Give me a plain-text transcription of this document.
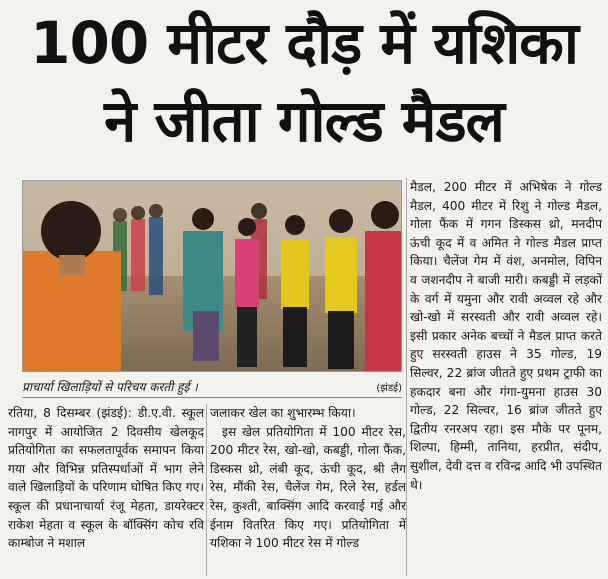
100 मीटर दौड़ में यशिका
ने जीता गोल्ड मैडल
प्राचार्या खिलाड़ियों से परिचय करती हुई ।	(झंडई)

रतिया, 8 दिसम्बर (झंडई): डी.ए.वी. स्कूल नागपुर में आयोजित 2 दिवसीय खेलकूद प्रतियोगिता का सफलतापूर्वक समापन किया गया और विभिन्न प्रतिस्पर्धाओं में भाग लेने वाले खिलाड़ियों के परिणाम घोषित किए गए।स्कूल की प्रधानाचार्या रंजू मेहता, डायरेक्टर राकेश मेहता व स्कूल के बॉक्सिंग कोच रवि काम्बोज ने मशाल

जलाकर खेल का शुभारम्भ किया।

इस खेल प्रतियोगिता में 100 मीटर रेस, 200 मीटर रेस, खो-खो, कबड्डी, गोला फैंक, डिस्कस थ्रो, लंबी कूद, ऊंची कूद, श्री लैग रेस, मौंकी रेस, चैलेंज गेम, रिले रेस, हर्डल रेस, कुश्ती, बाक्सिंग आदि करवाई गई और ईनाम वितरित किए गए। प्रतियोगिता में यशिका ने 100 मीटर रेस में गोल्ड

मैडल, 200 मीटर में अभिषेक ने गोल्ड मैडल, 400 मीटर में रिशु ने गोल्ड मैडल, गोला फैंक में गगन डिस्कस थ्रो, मनदीप ऊंची कूद में व अमित ने गोल्ड मैडल प्राप्त किया। चैलेंज गेम में वंश, अनमोल, विपिन व जशनदीप ने बाजी मारी। कबड्डी में लड़कों के वर्ग में यमुना और रावी अव्वल रहे और खो-खो में सरस्वती और रावी अव्वल रहे। इसी प्रकार अनेक बच्चों ने मैडल प्राप्त करते हुए सरस्वती हाउस ने 35 गोल्ड, 19 सिल्वर, 22 ब्रांज जीतते हुए प्रथम ट्राफी का हकदार बना और गंगा-युमना हाउस 30 गोल्ड, 22 सिल्वर, 16 ब्रांज जीतते हुए द्वितीय रनरअप रहा। इस मौके पर पूनम, शिल्पा, हिम्मी, तानिया, हरप्रीत, संदीप, सुशील, देवी दत्त व रविन्द्र आदि भी उपस्थित थे।
